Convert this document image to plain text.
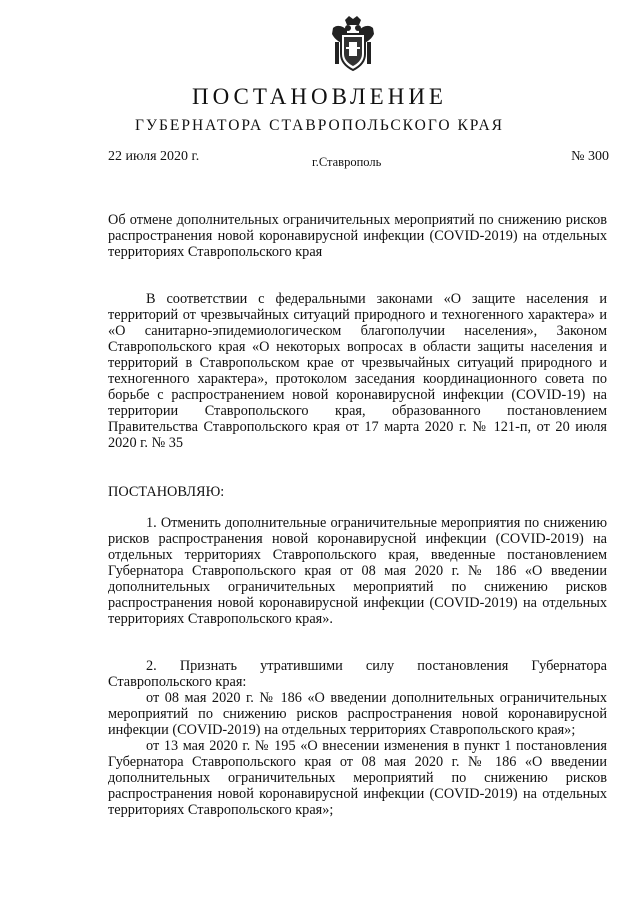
ПОСТАНОВЛЕНИЕ
ГУБЕРНАТОРА СТАВРОПОЛЬСКОГО КРАЯ
22 июля 2020 г.	г.Ставрополь	№ 300

Об отмене дополнительных ограничительных мероприятий по снижению рисков распространения новой коронавирусной инфекции (COVID-2019) на отдельных территориях Ставропольского края

В соответствии с федеральными законами «О защите населения и территорий от чрезвычайных ситуаций природного и техногенного характера» и «О санитарно-эпидемиологическом благополучии населения», Законом Ставропольского края «О некоторых вопросах в области защиты населения и территорий в Ставропольском крае от чрезвычайных ситуаций природного и техногенного характера», протоколом заседания координационного совета по борьбе с распространением новой коронавирусной инфекции (COVID-19) на территории Ставропольского края, образованного постановлением Правительства Ставропольского края от 17 марта 2020 г. № 121-п, от 20 июля 2020 г. № 35

ПОСТАНОВЛЯЮ:

1. Отменить дополнительные ограничительные мероприятия по снижению рисков распространения новой коронавирусной инфекции (COVID-2019) на отдельных территориях Ставропольского края, введенные постановлением Губернатора Ставропольского края от 08 мая 2020 г. № 186 «О введении дополнительных ограничительных мероприятий по снижению рисков распространения новой коронавирусной инфекции (COVID-2019) на отдельных территориях Ставропольского края».

2. Признать утратившими силу постановления Губернатора Ставропольского края:

от 08 мая 2020 г. № 186 «О введении дополнительных ограничительных мероприятий по снижению рисков распространения новой коронавирусной инфекции (COVID-2019) на отдельных территориях Ставропольского края»;

от 13 мая 2020 г. № 195 «О внесении изменения в пункт 1 постановления Губернатора Ставропольского края от 08 мая 2020 г. № 186 «О введении дополнительных ограничительных мероприятий по снижению рисков распространения новой коронавирусной инфекции (COVID-2019) на отдельных территориях Ставропольского края»;
